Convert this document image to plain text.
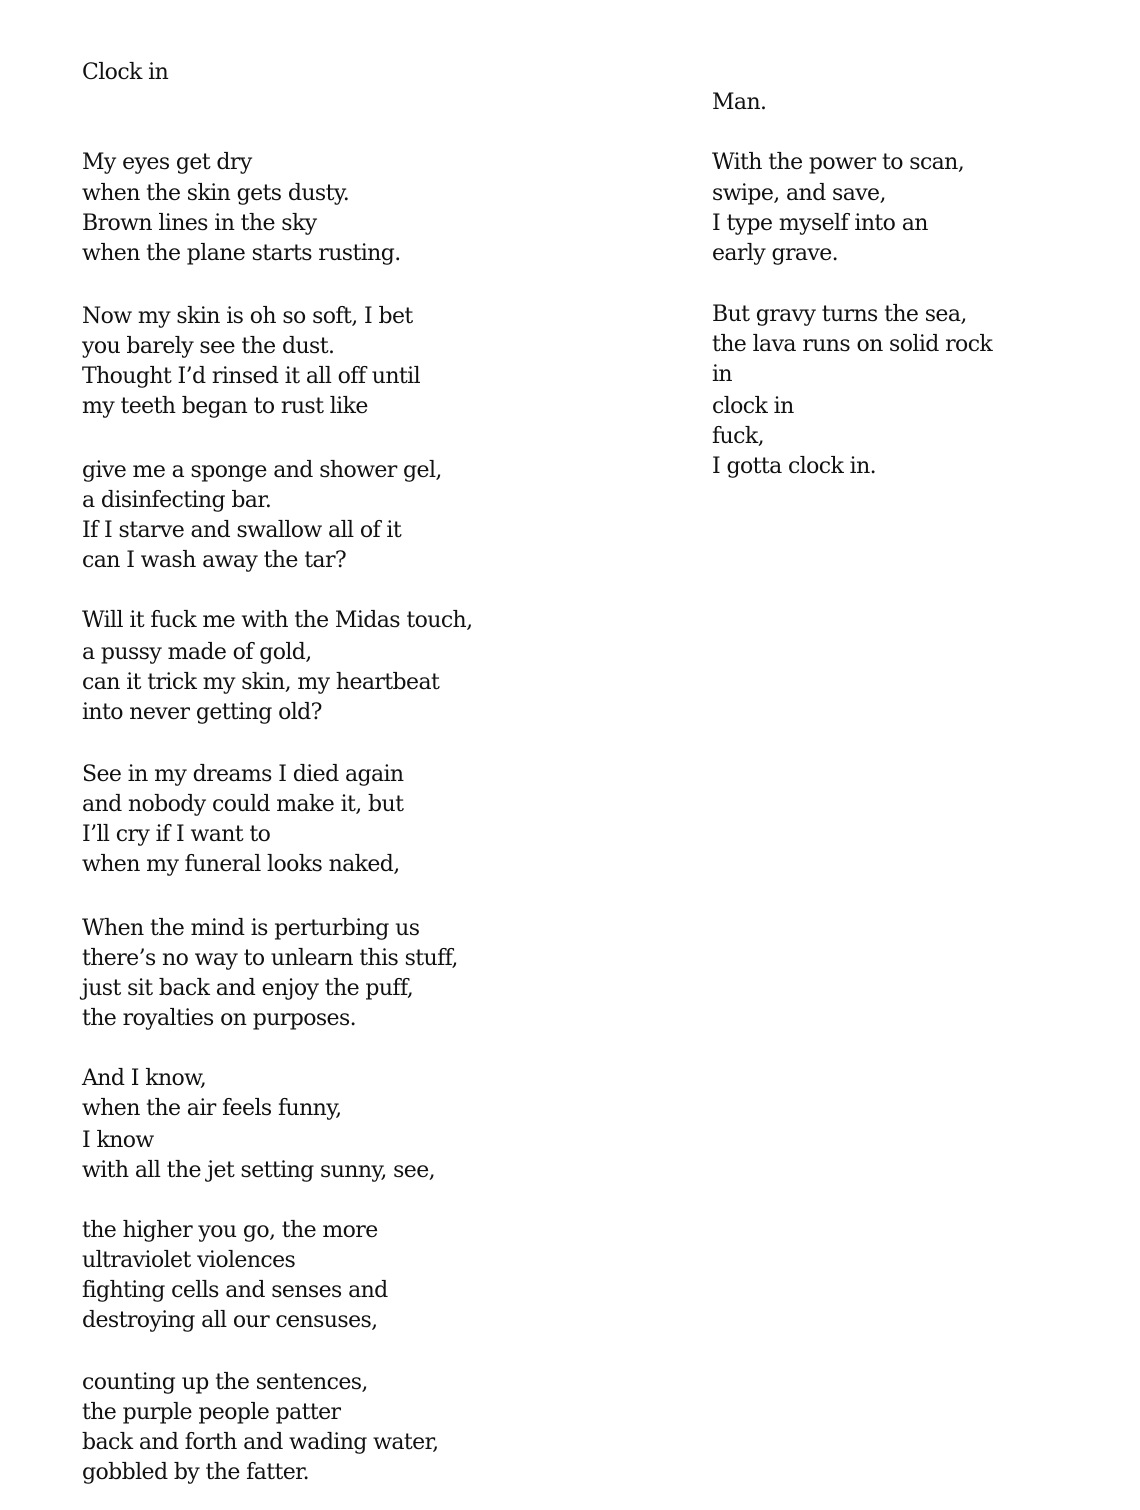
Clock in
My eyes get dry
when the skin gets dusty.
Brown lines in the sky
when the plane starts rusting.
Now my skin is oh so soft, I bet
you barely see the dust.
Thought I’d rinsed it all off until
my teeth began to rust like
give me a sponge and shower gel,
a disinfecting bar.
If I starve and swallow all of it
can I wash away the tar?
Will it fuck me with the Midas touch,
a pussy made of gold,
can it trick my skin, my heartbeat
into never getting old?
See in my dreams I died again
and nobody could make it, but
I’ll cry if I want to
when my funeral looks naked,
When the mind is perturbing us
there’s no way to unlearn this stuff,
just sit back and enjoy the puff,
the royalties on purposes.
And I know,
when the air feels funny,
I know
with all the jet setting sunny, see,
the higher you go, the more
ultraviolet violences
fighting cells and senses and
destroying all our censuses,
counting up the sentences,
the purple people patter
back and forth and wading water,
gobbled by the fatter.
Man.
With the power to scan,
swipe, and save,
I type myself into an
early grave.
But gravy turns the sea,
the lava runs on solid rock
in
clock in
fuck,
I gotta clock in.
